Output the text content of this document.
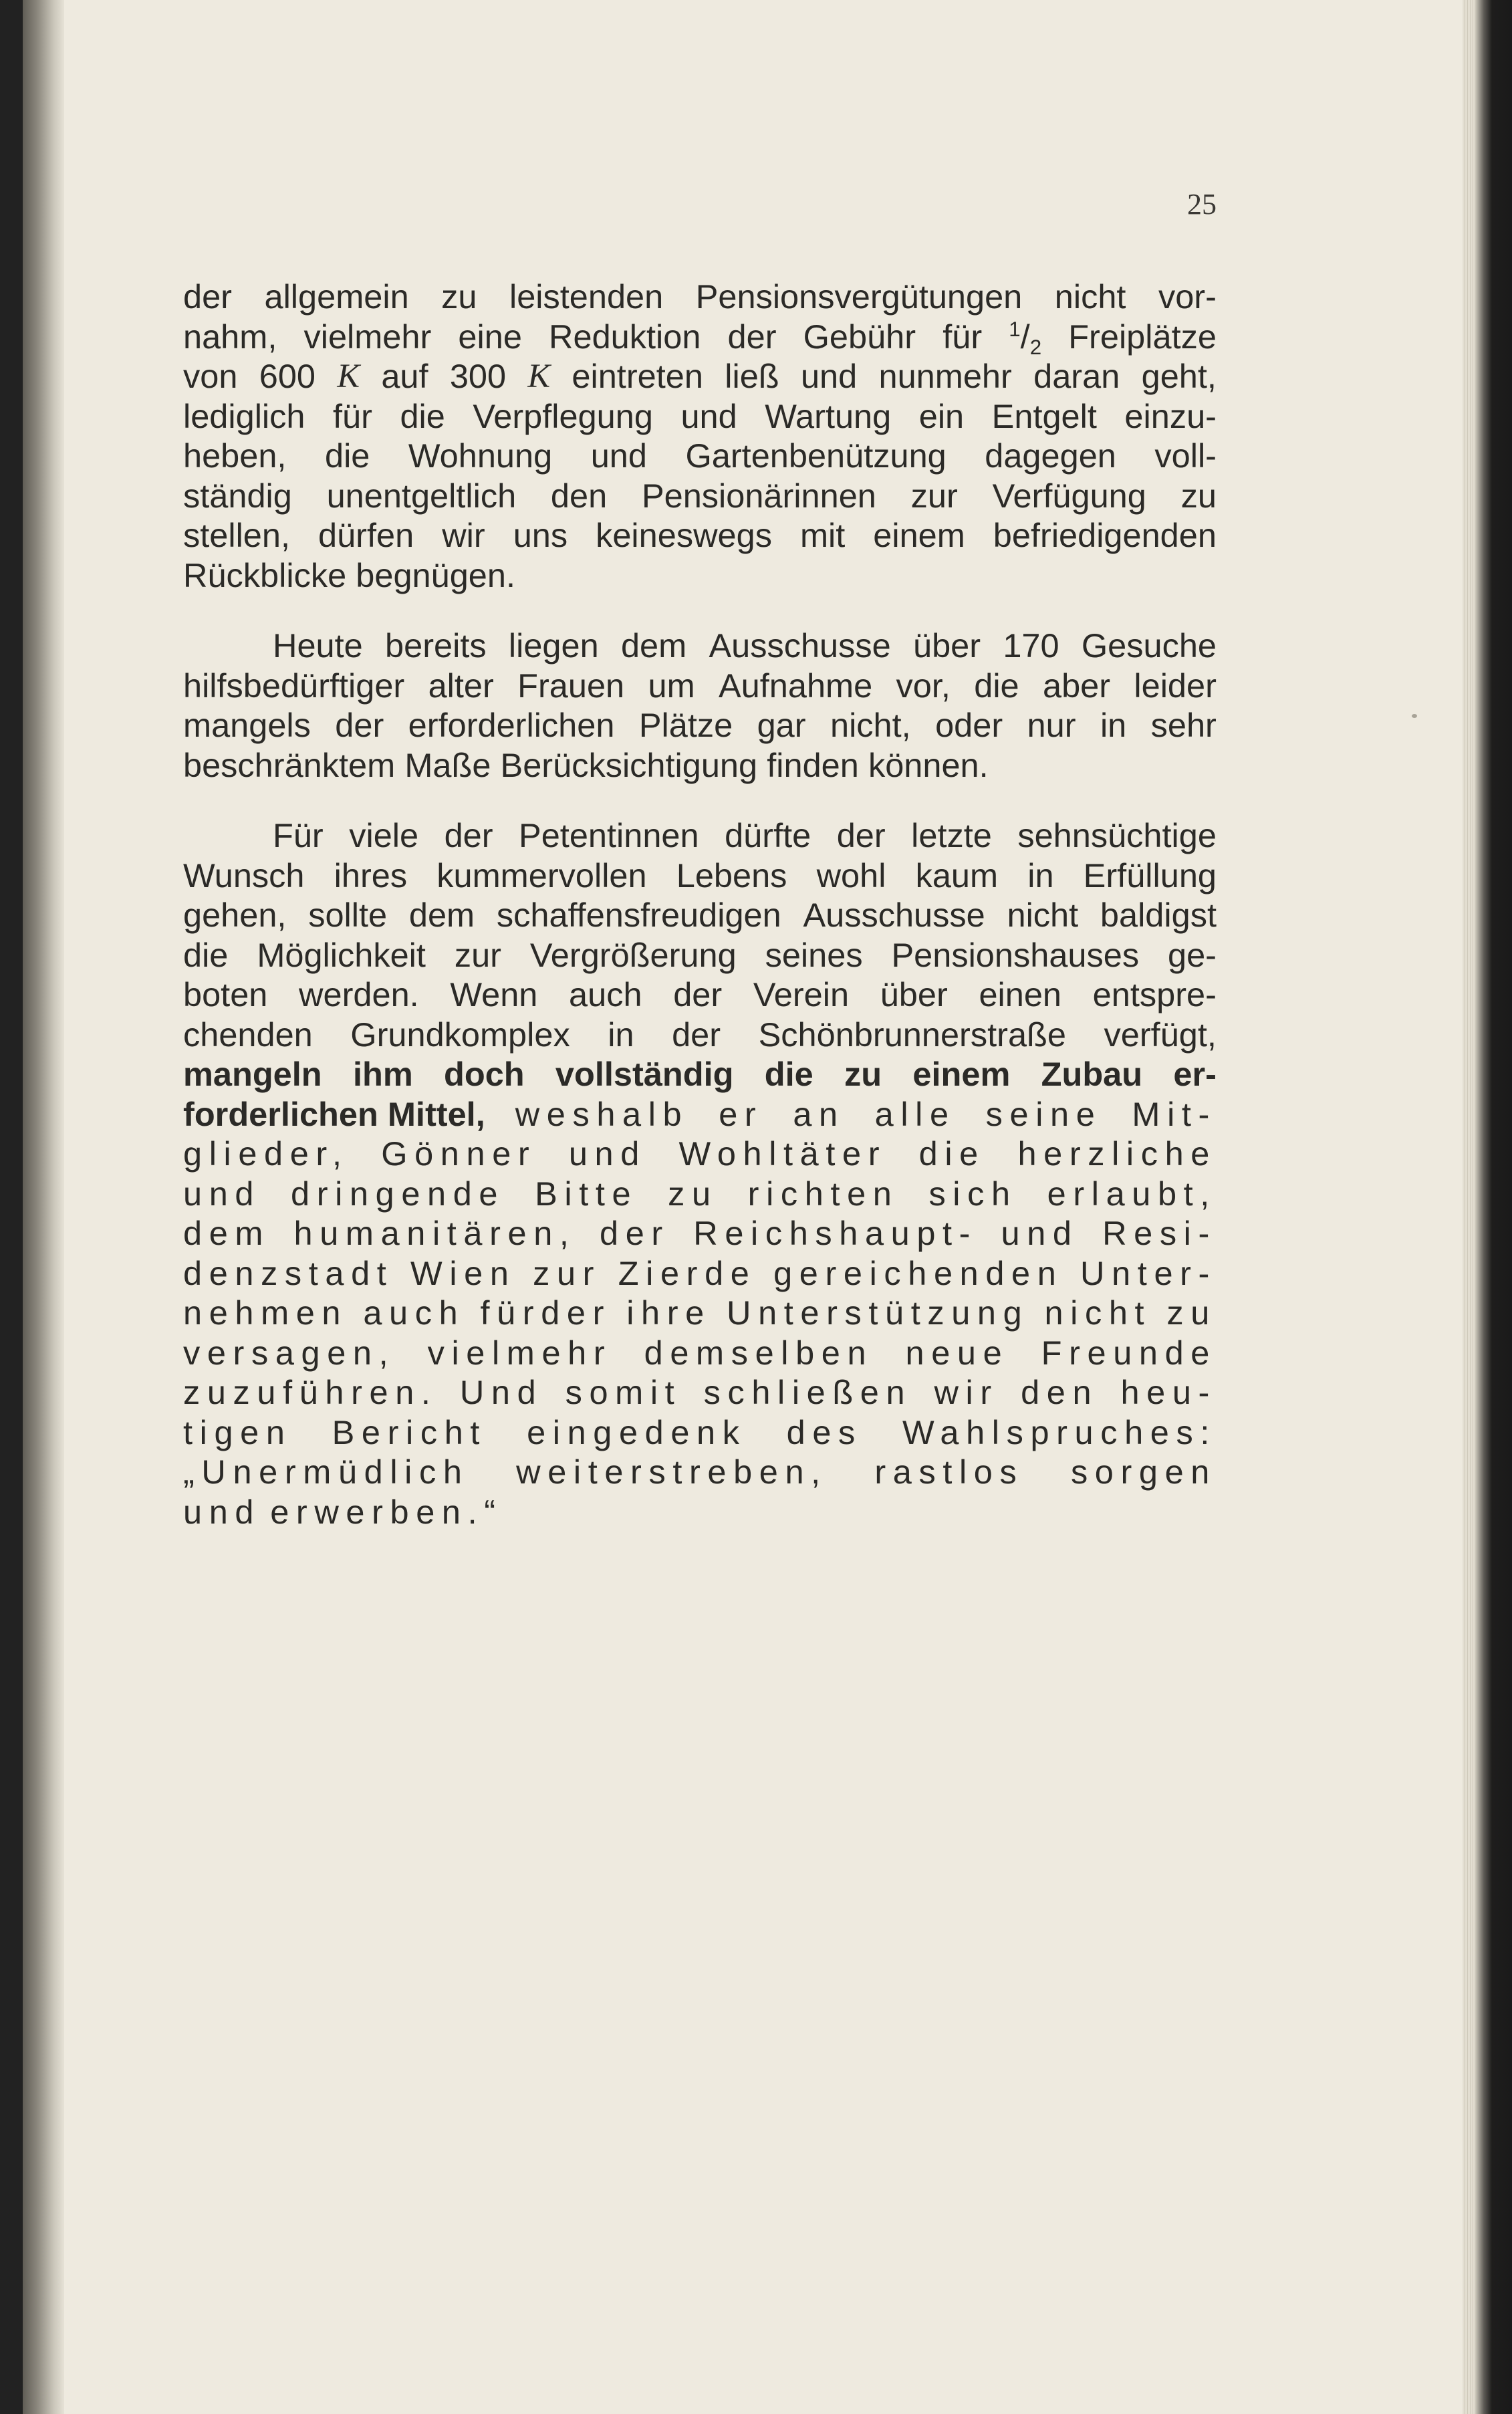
25
der allgemein zu leistenden Pensionsvergütungen nicht vor-
nahm, vielmehr eine Reduktion der Gebühr für $^1$/2 Freiplätze
von 600 K auf 300 K eintreten ließ und nunmehr daran geht,
lediglich für die Verpflegung und Wartung ein Entgelt einzu-
heben, die Wohnung und Gartenbenützung dagegen voll-
ständig unentgeltlich den Pensionärinnen zur Verfügung zu
stellen, dürfen wir uns keineswegs mit einem befriedigenden
Rückblicke begnügen.
Heute bereits liegen dem Ausschusse über 170 Gesuche
hilfsbedürftiger alter Frauen um Aufnahme vor, die aber leider
mangels der erforderlichen Plätze gar nicht, oder nur in sehr
beschränktem Maße Berücksichtigung finden können.
Für viele der Petentinnen dürfte der letzte sehnsüchtige
Wunsch ihres kummervollen Lebens wohl kaum in Erfüllung
gehen, sollte dem schaffensfreudigen Ausschusse nicht baldigst
die Möglichkeit zur Vergrößerung seines Pensionshauses ge-
boten werden. Wenn auch der Verein über einen entspre-
chenden Grundkomplex in der Schönbrunnerstraße verfügt,
mangeln ihm doch vollständig die zu einem Zubau er-
forderlichen Mittel, weshalb er an alle seine Mit-
glieder, Gönner und Wohltäter die herzliche
und dringende Bitte zu richten sich erlaubt,
dem humanitären, der Reichshaupt- und Resi-
denzstadt Wien zur Zierde gereichenden Unter-
nehmen auch fürder ihre Unterstützung nicht zu
versagen, vielmehr demselben neue Freunde
zuzuführen. Und somit schließen wir den heu-
tigen Bericht eingedenk des Wahlspruches:
„Unermüdlich weiterstreben, rastlos sorgen
und erwerben.“
